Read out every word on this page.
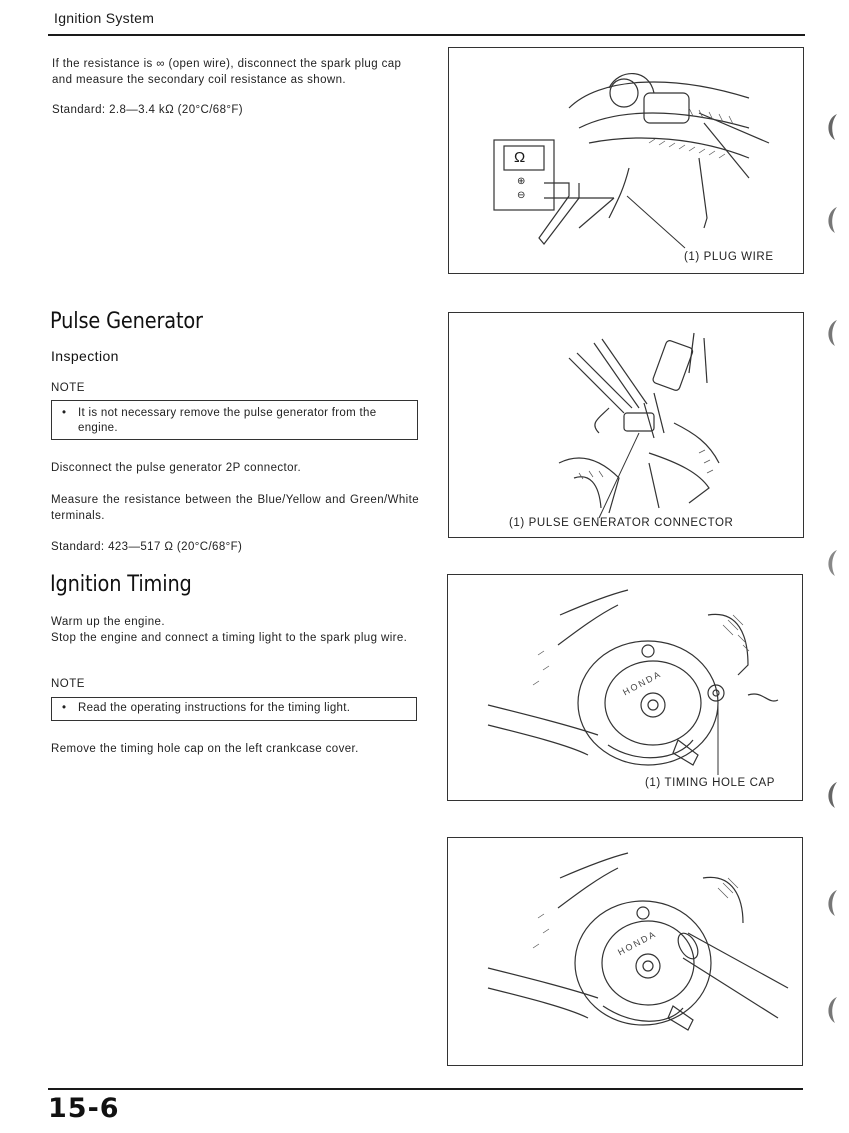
Ignition System
If the resistance is ∞ (open wire), disconnect the spark plug cap and measure the secondary coil resistance as shown.
Standard: 2.8—3.4 kΩ (20°C/68°F)
Ω
⊕
⊖
(1) PLUG WIRE
Pulse Generator
Inspection
NOTE
• It is not necessary remove the pulse generator from the engine.
Disconnect the pulse generator 2P connector.
Measure the resistance between the Blue/Yellow and Green/White terminals.
Standard: 423—517 Ω (20°C/68°F)
(1) PULSE GENERATOR CONNECTOR
Ignition Timing
Warm up the engine.
Stop the engine and connect a timing light to the spark plug wire.
NOTE
• Read the operating instructions for the timing light.
Remove the timing hole cap on the left crankcase cover.
HONDA
(1) TIMING HOLE CAP
HONDA
15-6
